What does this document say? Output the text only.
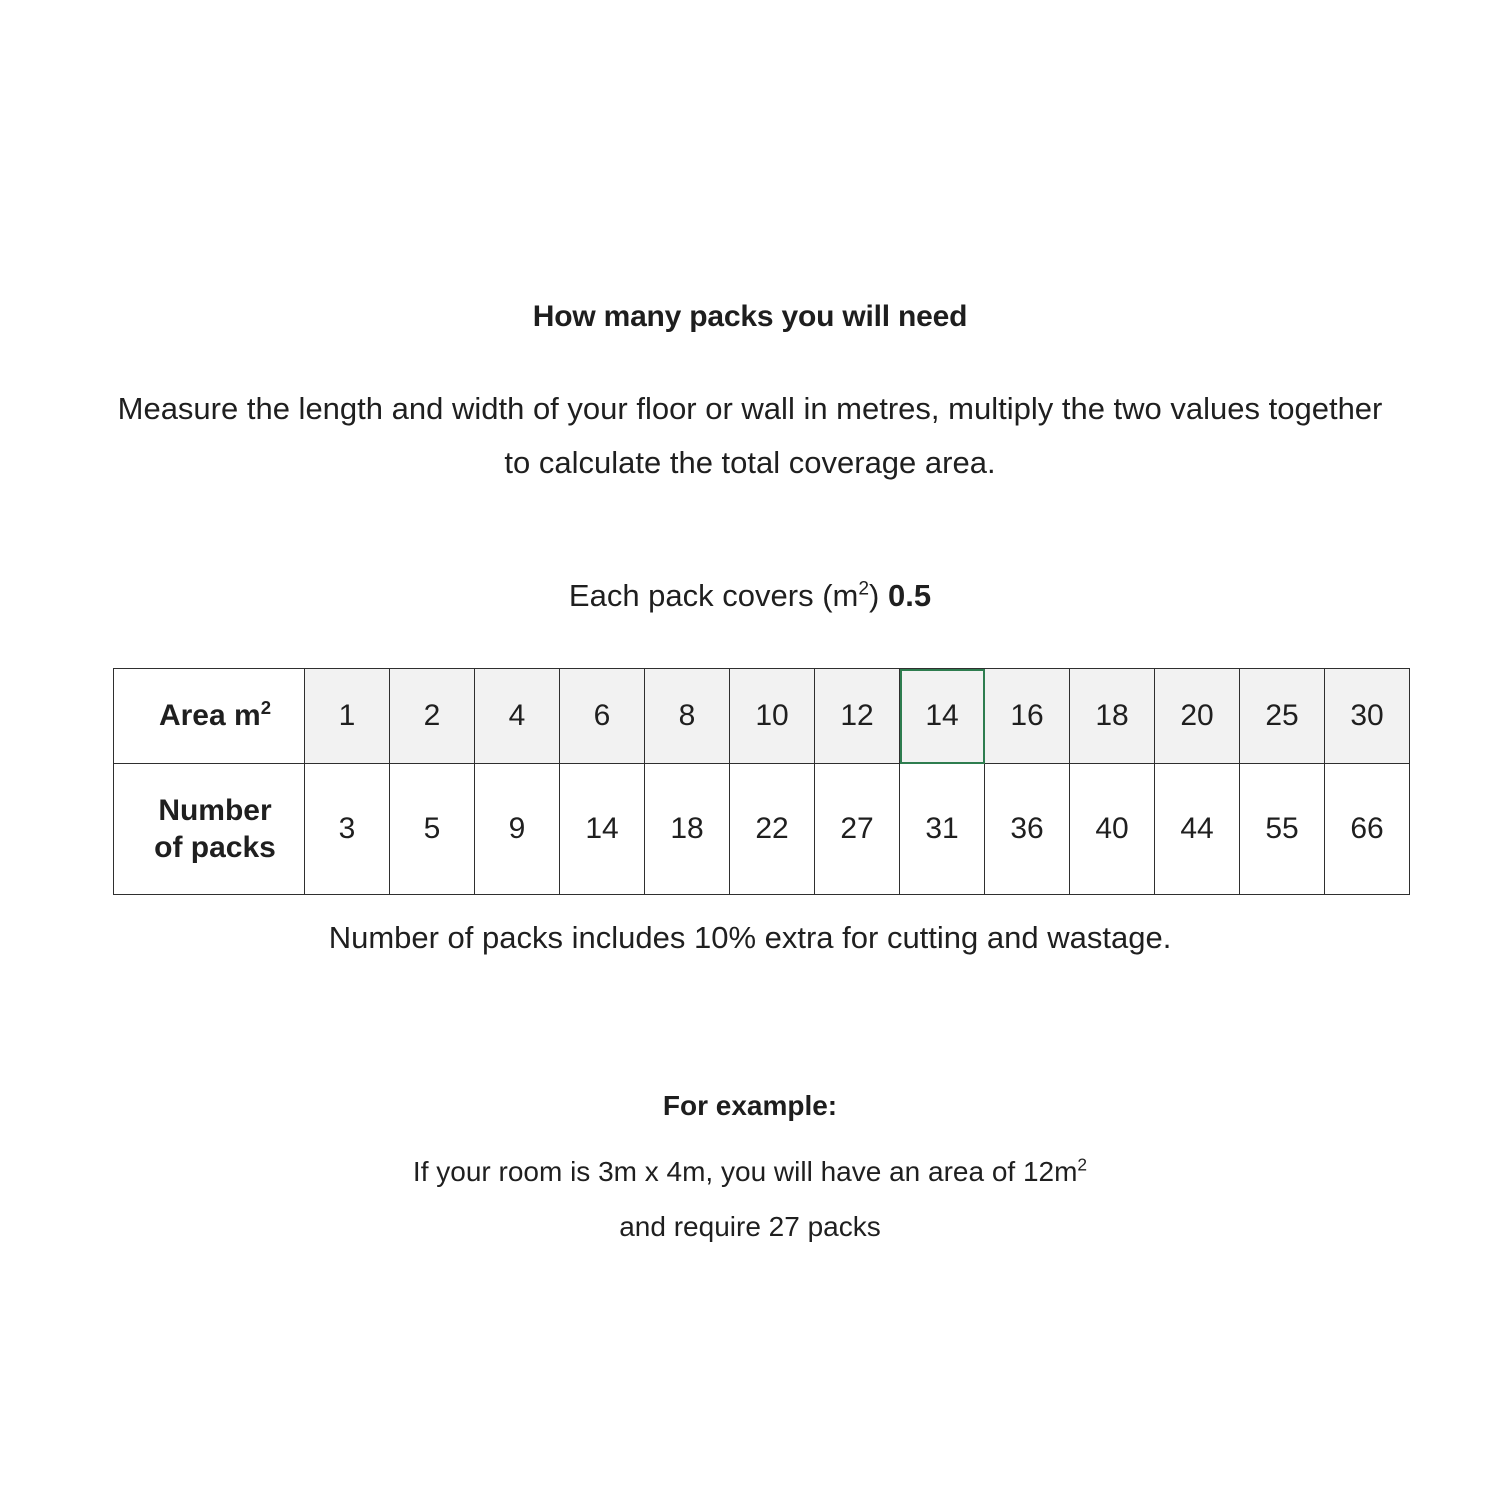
How many packs you will need
Measure the length and width of your floor or wall in metres, multiply the two values together to calculate the total coverage area.
Each pack covers $(m^2)$ 0.5
Area $m^2$	1	2	4	6	8	10	12	14	16	18	20	25	30
Number
of packs	3	5	9	14	18	22	27	31	36	40	44	55	66
Number of packs includes 10% extra for cutting and wastage.
For example:
If your room is 3m x 4m, you will have an area of $12m^2$
and require 27 packs
